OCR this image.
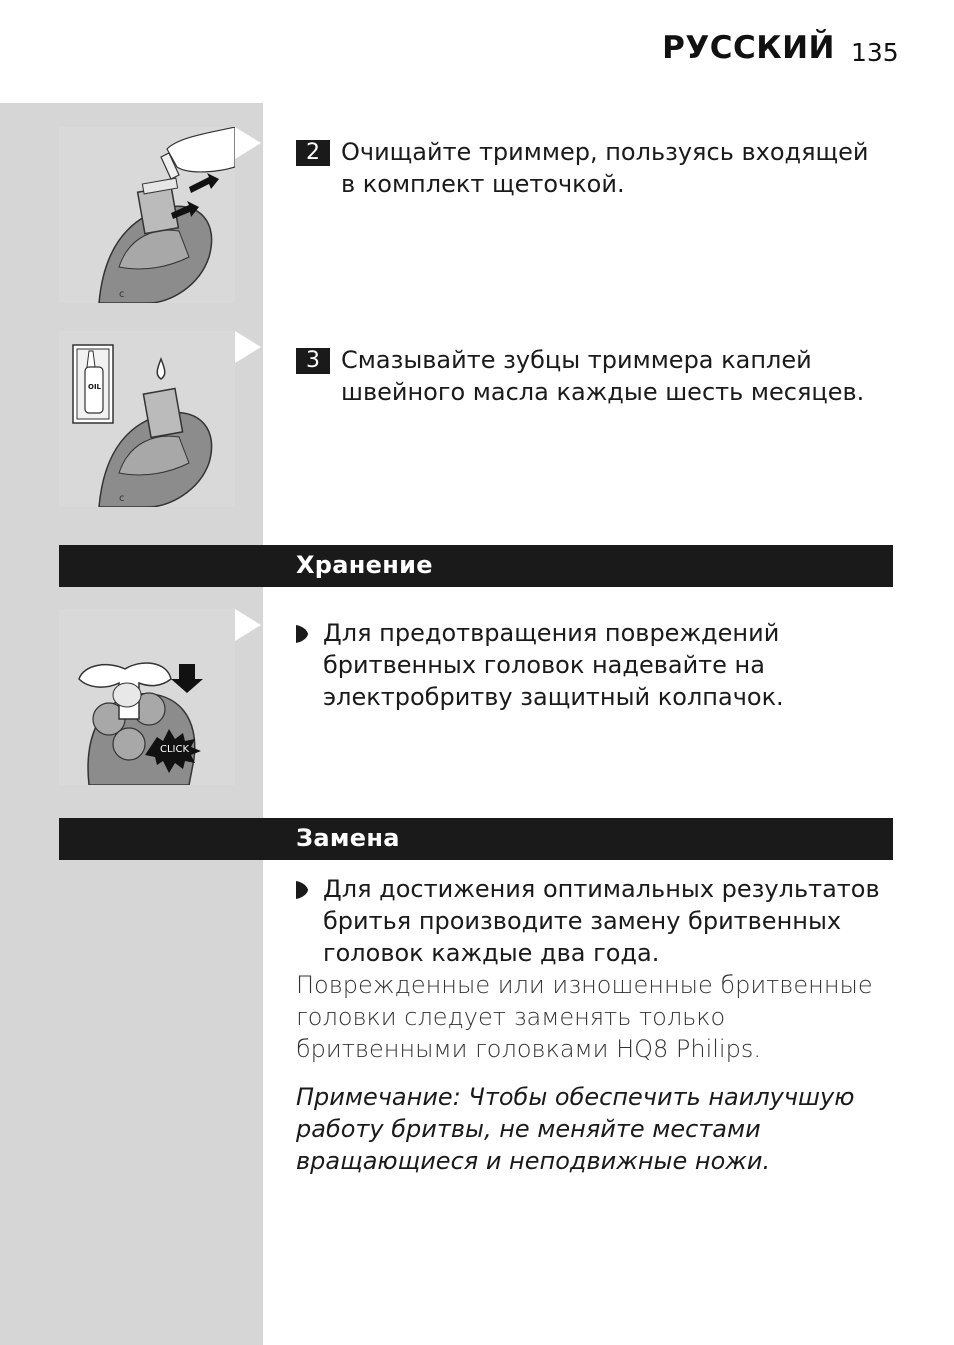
РУССКИЙ 135
c
2 Очищайте триммер, пользуясь входящей в комплект щеточкой.
OIL
c
3 Смазывайте зубцы триммера каплей швейного масла каждые шесть месяцев.
Хранение
CLICK
Для предотвращения повреждений бритвенных головок надевайте на электробритву защитный колпачок.
Замена
Для достижения оптимальных результатов бритья производите замену бритвенных головок каждые два года.
Поврежденные или изношенные бритвенные головки следует заменять только бритвенными головками HQ8 Philips.
Примечание: Чтобы обеспечить наилучшую работу бритвы, не меняйте местами вращающиеся и неподвижные ножи.
